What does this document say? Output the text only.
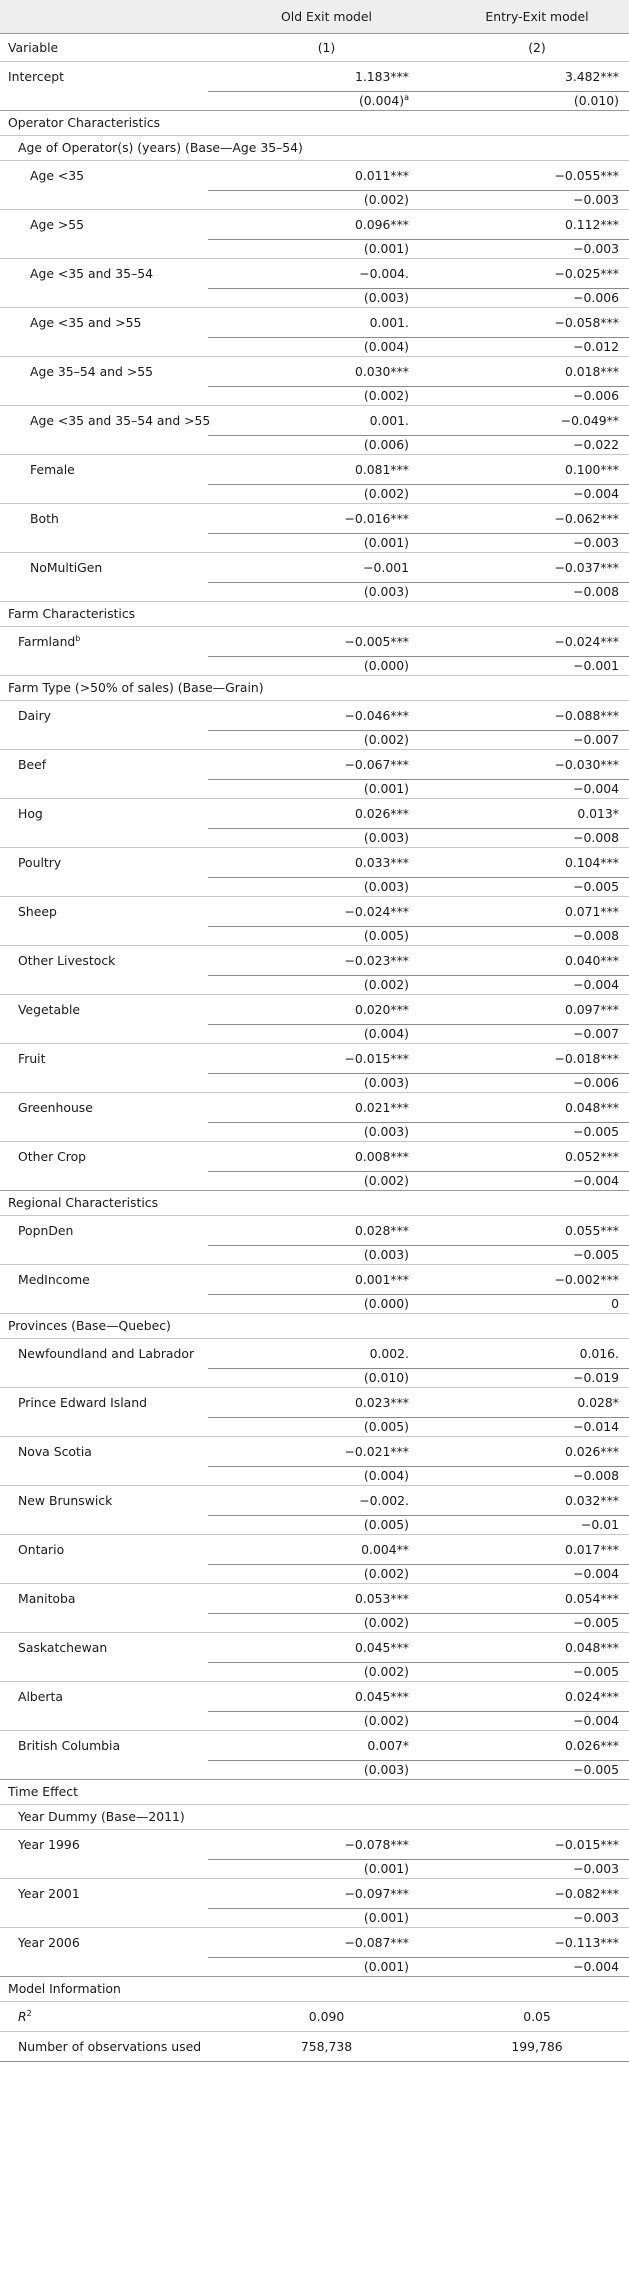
	Old Exit model	Entry-Exit model
Variable	(1)	(2)
Intercept	1.183***	3.482***
	$(0.004)^a$	(0.010)
Operator Characteristics		
Age of Operator(s) (years) (Base—Age 35–54)		
Age <35	0.011***	−0.055***
	(0.002)	−0.003
Age >55	0.096***	0.112***
	(0.001)	−0.003
Age <35 and 35–54	−0.004.	−0.025***
	(0.003)	−0.006
Age <35 and >55	0.001.	−0.058***
	(0.004)	−0.012
Age 35–54 and >55	0.030***	0.018***
	(0.002)	−0.006
Age <35 and 35–54 and >55	0.001.	−0.049**
	(0.006)	−0.022
Female	0.081***	0.100***
	(0.002)	−0.004
Both	−0.016***	−0.062***
	(0.001)	−0.003
NoMultiGen	−0.001	−0.037***
	(0.003)	−0.008
Farm Characteristics		
Farmland$^b$	−0.005***	−0.024***
	(0.000)	−0.001
Farm Type (>50% of sales) (Base—Grain)		
Dairy	−0.046***	−0.088***
	(0.002)	−0.007
Beef	−0.067***	−0.030***
	(0.001)	−0.004
Hog	0.026***	0.013*
	(0.003)	−0.008
Poultry	0.033***	0.104***
	(0.003)	−0.005
Sheep	−0.024***	0.071***
	(0.005)	−0.008
Other Livestock	−0.023***	0.040***
	(0.002)	−0.004
Vegetable	0.020***	0.097***
	(0.004)	−0.007
Fruit	−0.015***	−0.018***
	(0.003)	−0.006
Greenhouse	0.021***	0.048***
	(0.003)	−0.005
Other Crop	0.008***	0.052***
	(0.002)	−0.004
Regional Characteristics		
PopnDen	0.028***	0.055***
	(0.003)	−0.005
MedIncome	0.001***	−0.002***
	(0.000)	0
Provinces (Base—Quebec)		
Newfoundland and Labrador	0.002.	0.016.
	(0.010)	−0.019
Prince Edward Island	0.023***	0.028*
	(0.005)	−0.014
Nova Scotia	−0.021***	0.026***
	(0.004)	−0.008
New Brunswick	−0.002.	0.032***
	(0.005)	−0.01
Ontario	0.004**	0.017***
	(0.002)	−0.004
Manitoba	0.053***	0.054***
	(0.002)	−0.005
Saskatchewan	0.045***	0.048***
	(0.002)	−0.005
Alberta	0.045***	0.024***
	(0.002)	−0.004
British Columbia	0.007*	0.026***
	(0.003)	−0.005
Time Effect		
Year Dummy (Base—2011)		
Year 1996	−0.078***	−0.015***
	(0.001)	−0.003
Year 2001	−0.097***	−0.082***
	(0.001)	−0.003
Year 2006	−0.087***	−0.113***
	(0.001)	−0.004
Model Information		
$R^2$	0.090	0.05
Number of observations used	758,738	199,786
